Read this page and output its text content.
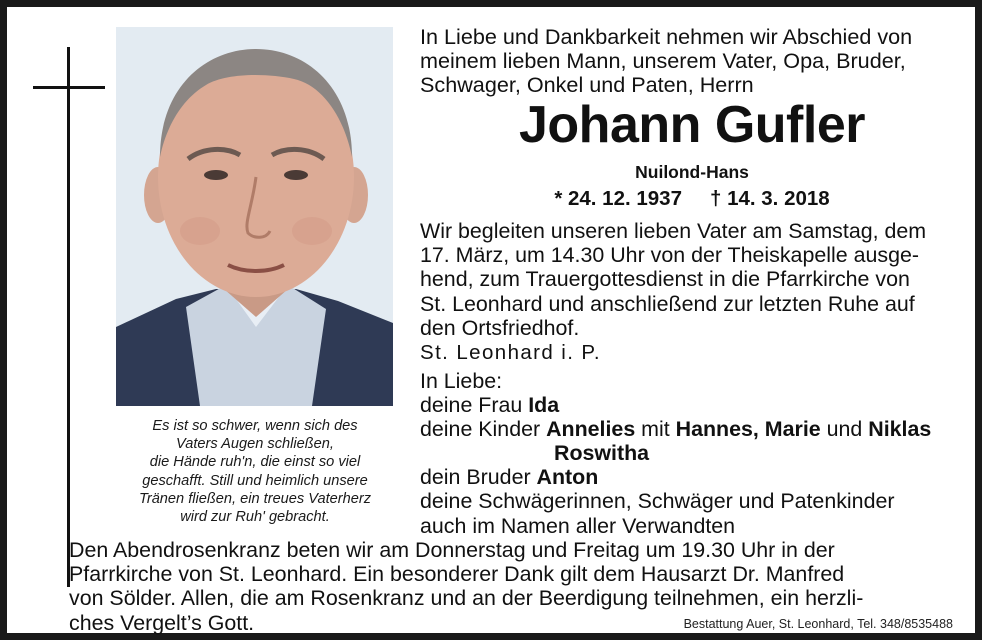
Es ist so schwer, wenn sich des
Vaters Augen schließen,
die Hände ruh'n, die einst so viel
geschafft. Still und heimlich unsere
Tränen fließen, ein treues Vaterherz
wird zur Ruh' gebracht.
In Liebe und Dankbarkeit nehmen wir Abschied von
meinem lieben Mann, unserem Vater, Opa, Bruder,
Schwager, Onkel und Paten, Herrn
Johann Gufler
Nuilond-Hans
* 24. 12. 1937 † 14. 3. 2018
Wir begleiten unseren lieben Vater am Samstag, dem
17. März, um 14.30 Uhr von der Theiskapelle ausge-
hend, zum Trauergottesdienst in die Pfarrkirche von
St. Leonhard und anschließend zur letzten Ruhe auf
den Ortsfriedhof.
St. Leonhard i. P.
In Liebe:
deine Frau Ida
deine Kinder Annelies mit Hannes, Marie und Niklas
Roswitha
dein Bruder Anton
deine Schwägerinnen, Schwäger und Patenkinder
auch im Namen aller Verwandten
Den Abendrosenkranz beten wir am Donnerstag und Freitag um 19.30 Uhr in der
Pfarrkirche von St. Leonhard. Ein besonderer Dank gilt dem Hausarzt Dr. Manfred
von Sölder. Allen, die am Rosenkranz und an der Beerdigung teilnehmen, ein herzli-
ches Vergelt’s Gott.	Bestattung Auer, St. Leonhard, Tel. 348/8535488
